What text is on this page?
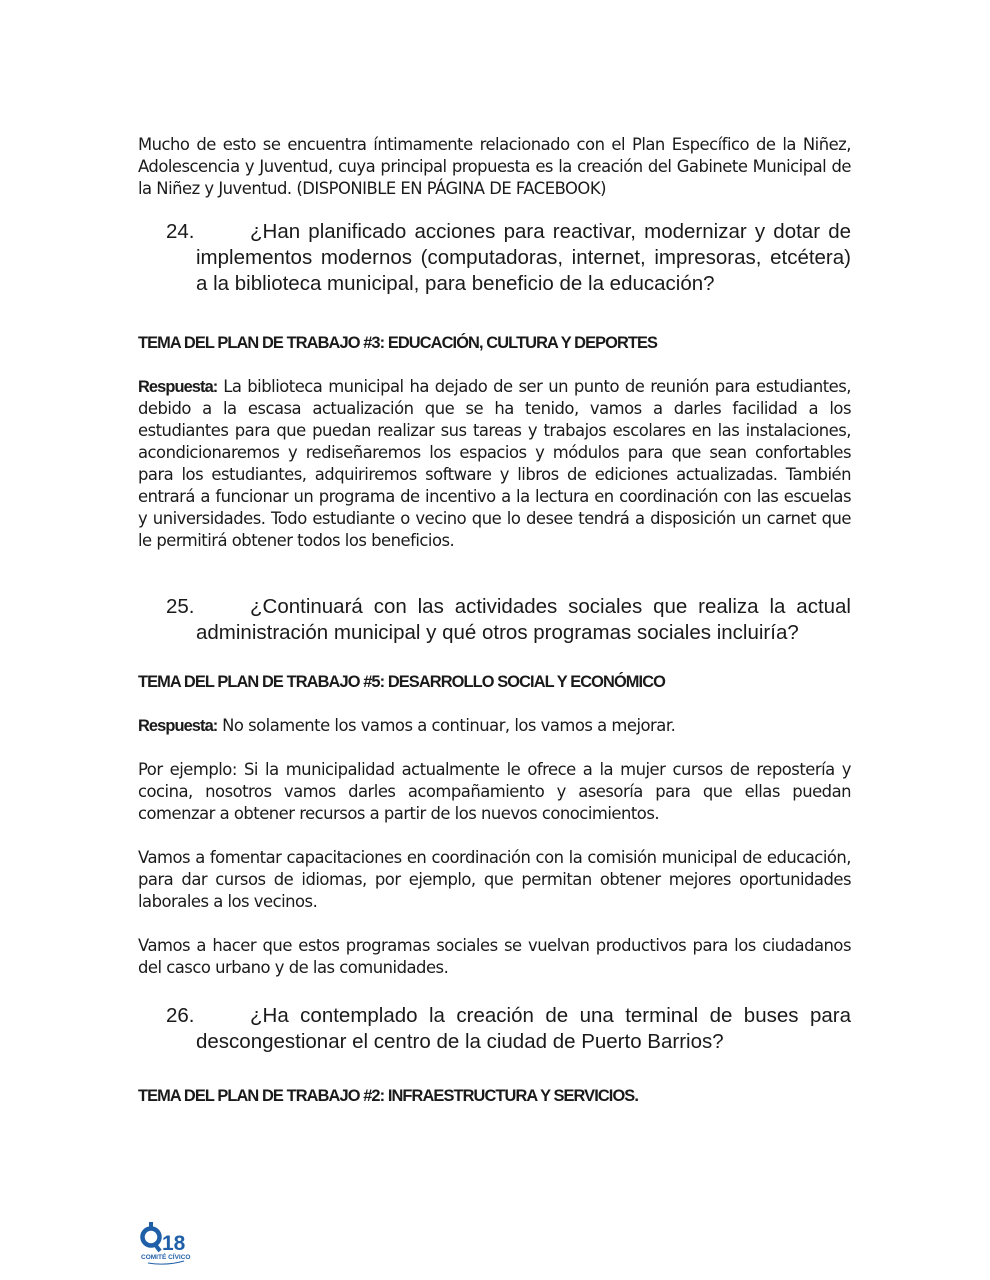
Mucho de esto se encuentra íntimamente relacionado con el Plan Específico de la Niñez, Adolescencia y Juventud, cuya principal propuesta es la creación del Gabinete Municipal de la Niñez y Juventud. (DISPONIBLE EN PÁGINA DE FACEBOOK)

24.	¿Han planificado acciones para reactivar, modernizar y dotar de implementos modernos (computadoras, internet, impresoras, etcétera) a la biblioteca municipal, para beneficio de la educación?

TEMA DEL PLAN DE TRABAJO #3: EDUCACIÓN, CULTURA Y DEPORTES

Respuesta: La biblioteca municipal ha dejado de ser un punto de reunión para estudiantes, debido a la escasa actualización que se ha tenido, vamos a darles facilidad a los estudiantes para que puedan realizar sus tareas y trabajos escolares en las instalaciones, acondicionaremos y rediseñaremos los espacios y módulos para que sean confortables para los estudiantes, adquiriremos software y libros de ediciones actualizadas. También entrará a funcionar un programa de incentivo a la lectura en coordinación con las escuelas y universidades. Todo estudiante o vecino que lo desee tendrá a disposición un carnet que le permitirá obtener todos los beneficios.

25.	¿Continuará con las actividades sociales que realiza la actual administración municipal y qué otros programas sociales incluiría?

TEMA DEL PLAN DE TRABAJO #5: DESARROLLO SOCIAL Y ECONÓMICO

Respuesta: No solamente los vamos a continuar, los vamos a mejorar.

Por ejemplo: Si la municipalidad actualmente le ofrece a la mujer cursos de repostería y cocina, nosotros vamos darles acompañamiento y asesoría para que ellas puedan comenzar a obtener recursos a partir de los nuevos conocimientos.

Vamos a fomentar capacitaciones en coordinación con la comisión municipal de educación, para dar cursos de idiomas, por ejemplo, que permitan obtener mejores oportunidades laborales a los vecinos.

Vamos a hacer que estos programas sociales se vuelvan productivos para los ciudadanos del casco urbano y de las comunidades.

26.	¿Ha contemplado la creación de una terminal de buses para descongestionar el centro de la ciudad de Puerto Barrios?

TEMA DEL PLAN DE TRABAJO #2: INFRAESTRUCTURA Y SERVICIOS.

18
COMITÉ CÍVICO
